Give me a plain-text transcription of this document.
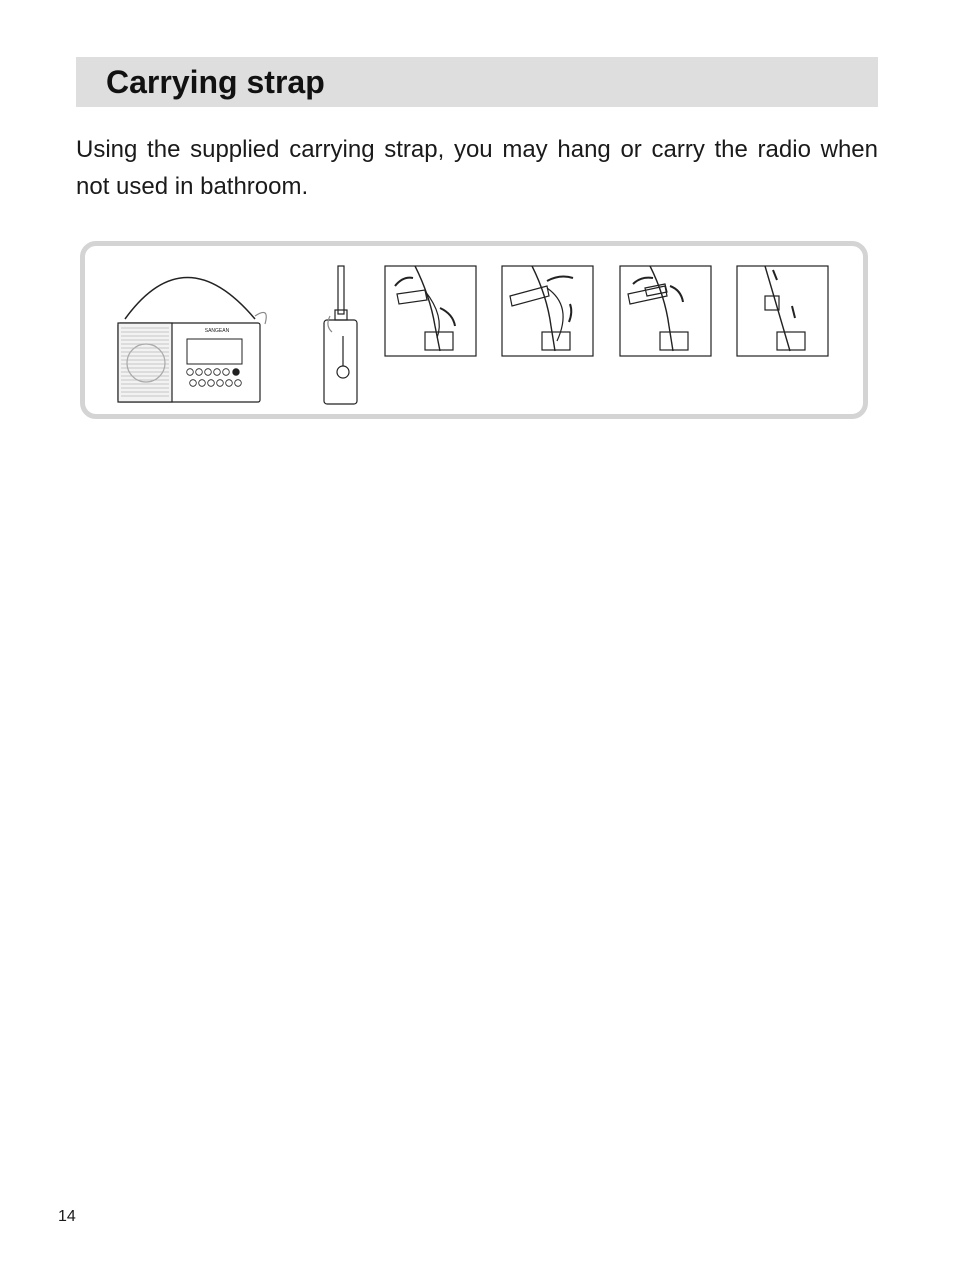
Carrying strap

Using the supplied carrying strap, you may hang or carry the radio when not used in bathroom.

SANGEAN
14
